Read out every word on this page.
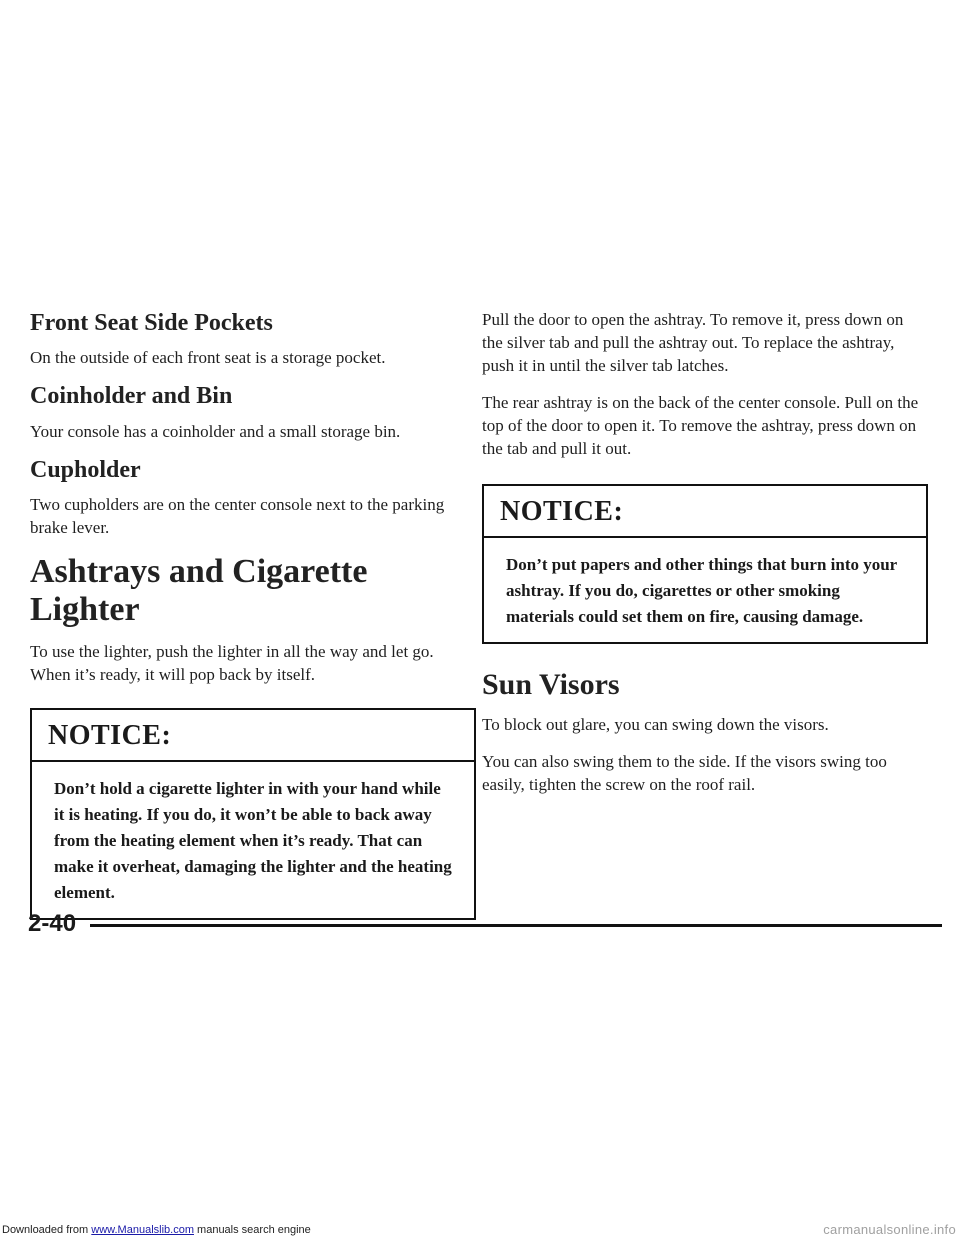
Front Seat Side Pockets

On the outside of each front seat is a storage pocket.

Coinholder and Bin

Your console has a coinholder and a small storage bin.

Cupholder

Two cupholders are on the center console next to the parking brake lever.

Ashtrays and Cigarette Lighter

To use the lighter, push the lighter in all the way and let go. When it’s ready, it will pop back by itself.

NOTICE:
Don’t hold a cigarette lighter in with your hand while it is heating. If you do, it won’t be able to back away from the heating element when it’s ready. That can make it overheat, damaging the lighter and the heating element.

Pull the door to open the ashtray. To remove it, press down on the silver tab and pull the ashtray out. To replace the ashtray, push it in until the silver tab latches.

The rear ashtray is on the back of the center console. Pull on the top of the door to open it. To remove the ashtray, press down on the tab and pull it out.

NOTICE:
Don’t put papers and other things that burn into your ashtray. If you do, cigarettes or other smoking materials could set them on fire, causing damage.
Sun Visors

To block out glare, you can swing down the visors.

You can also swing them to the side. If the visors swing too easily, tighten the screw on the roof rail.

2-40
Downloaded from www.Manualslib.com manuals search engine	carmanualsonline.info
